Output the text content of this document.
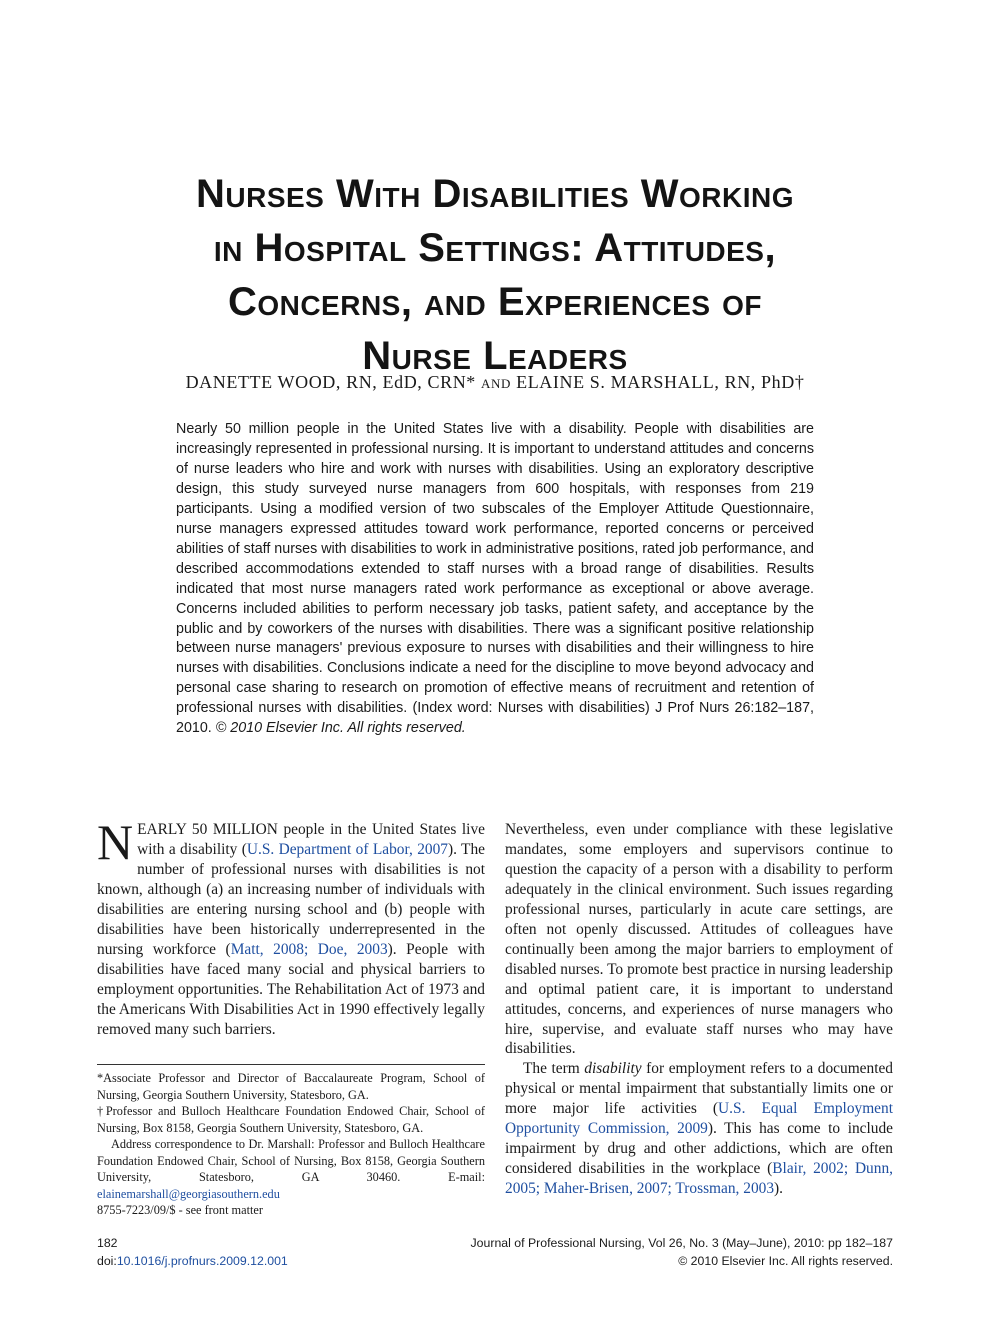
Nurses With Disabilities Working
in Hospital Settings: Attitudes,
Concerns, and Experiences of
Nurse Leaders
DANETTE WOOD, RN, EdD, CRN* and ELAINE S. MARSHALL, RN, PhD†
Nearly 50 million people in the United States live with a disability. People with disabilities are increasingly represented in professional nursing. It is important to understand attitudes and concerns of nurse leaders who hire and work with nurses with disabilities. Using an exploratory descriptive design, this study surveyed nurse managers from 600 hospitals, with responses from 219 participants. Using a modified version of two subscales of the Employer Attitude Questionnaire, nurse managers expressed attitudes toward work performance, reported concerns or perceived abilities of staff nurses with disabilities to work in administrative positions, rated job performance, and described accommodations extended to staff nurses with a broad range of disabilities. Results indicated that most nurse managers rated work performance as exceptional or above average. Concerns included abilities to perform necessary job tasks, patient safety, and acceptance by the public and by coworkers of the nurses with disabilities. There was a significant positive relationship between nurse managers' previous exposure to nurses with disabilities and their willingness to hire nurses with disabilities. Conclusions indicate a need for the discipline to move beyond advocacy and personal case sharing to research on promotion of effective means of recruitment and retention of professional nurses with disabilities. (Index word: Nurses with disabilities) J Prof Nurs 26:182–187, 2010. © 2010 Elsevier Inc. All rights reserved.

NEARLY 50 MILLION people in the United States live with a disability (U.S. Department of Labor, 2007). The number of professional nurses with disabilities is not known, although (a) an increasing number of individuals with disabilities are entering nursing school and (b) people with disabilities have been historically underrepresented in the nursing workforce (Matt, 2008; Doe, 2003). People with disabilities have faced many social and physical barriers to employment opportunities. The Rehabilitation Act of 1973 and the Americans With Disabilities Act in 1990 effectively legally removed many such barriers.

Nevertheless, even under compliance with these legislative mandates, some employers and supervisors continue to question the capacity of a person with a disability to perform adequately in the clinical environment. Such issues regarding professional nurses, particularly in acute care settings, are often not openly discussed. Attitudes of colleagues have continually been among the major barriers to employment of disabled nurses. To promote best practice in nursing leadership and optimal patient care, it is important to understand attitudes, concerns, and experiences of nurse managers who hire, supervise, and evaluate staff nurses who may have disabilities.

The term disability for employment refers to a documented physical or mental impairment that substantially limits one or more major life activities (U.S. Equal Employment Opportunity Commission, 2009). This has come to include impairment by drug and other addictions, which are often considered disabilities in the workplace (Blair, 2002; Dunn, 2005; Maher-Brisen, 2007; Trossman, 2003).

*Associate Professor and Director of Baccalaureate Program, School of Nursing, Georgia Southern University, Statesboro, GA.

†Professor and Bulloch Healthcare Foundation Endowed Chair, School of Nursing, Box 8158, Georgia Southern University, Statesboro, GA.

Address correspondence to Dr. Marshall: Professor and Bulloch Healthcare Foundation Endowed Chair, School of Nursing, Box 8158, Georgia Southern University, Statesboro, GA 30460. E-mail: elainemarshall@georgiasouthern.edu

8755-7223/09/$ - see front matter

182	Journal of Professional Nursing, Vol 26, No. 3 (May–June), 2010: pp 182–187
doi:10.1016/j.profnurs.2009.12.001	© 2010 Elsevier Inc. All rights reserved.
